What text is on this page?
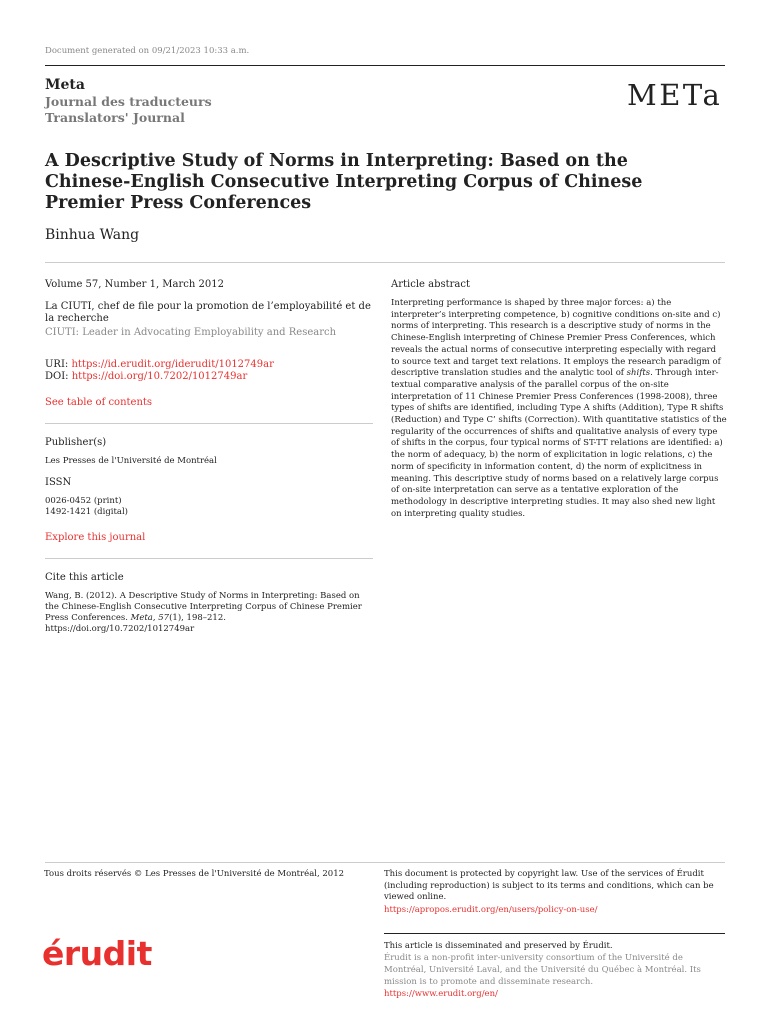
Document generated on 09/21/2023 10:33 a.m.
Meta
Journal des traducteurs
Translators' Journal
METa
A Descriptive Study of Norms in Interpreting: Based on the Chinese-English Consecutive Interpreting Corpus of Chinese Premier Press Conferences
Binhua Wang
Volume 57, Number 1, March 2012
La CIUTI, chef de file pour la promotion de l’employabilité et de la recherche
CIUTI: Leader in Advocating Employability and Research
URI: https://id.erudit.org/iderudit/1012749ar
DOI: https://doi.org/10.7202/1012749ar
See table of contents
Publisher(s)
Les Presses de l'Université de Montréal
ISSN
0026-0452 (print)
1492-1421 (digital)
Explore this journal
Cite this article
Wang, B. (2012). A Descriptive Study of Norms in Interpreting: Based on the Chinese-English Consecutive Interpreting Corpus of Chinese Premier Press Conferences. Meta, 57(1), 198–212. https://doi.org/10.7202/1012749ar
Article abstract
Interpreting performance is shaped by three major forces: a) the interpreter’s interpreting competence, b) cognitive conditions on-site and c) norms of interpreting. This research is a descriptive study of norms in the Chinese-English interpreting of Chinese Premier Press Conferences, which reveals the actual norms of consecutive interpreting especially with regard to source text and target text relations. It employs the research paradigm of descriptive translation studies and the analytic tool of shifts. Through inter-textual comparative analysis of the parallel corpus of the on-site interpretation of 11 Chinese Premier Press Conferences (1998-2008), three types of shifts are identified, including Type A shifts (Addition), Type R shifts (Reduction) and Type C’ shifts (Correction). With quantitative statistics of the regularity of the occurrences of shifts and qualitative analysis of every type of shifts in the corpus, four typical norms of ST-TT relations are identified: a) the norm of adequacy, b) the norm of explicitation in logic relations, c) the norm of specificity in information content, d) the norm of explicitness in meaning. This descriptive study of norms based on a relatively large corpus of on-site interpretation can serve as a tentative exploration of the methodology in descriptive interpreting studies. It may also shed new light on interpreting quality studies.
Tous droits réservés © Les Presses de l'Université de Montréal, 2012	This document is protected by copyright law. Use of the services of Érudit (including reproduction) is subject to its terms and conditions, which can be viewed online.
https://apropos.erudit.org/en/users/policy-on-use/
érudit	This article is disseminated and preserved by Érudit.
Érudit is a non-profit inter-university consortium of the Université de Montréal, Université Laval, and the Université du Québec à Montréal. Its mission is to promote and disseminate research.
https://www.erudit.org/en/
